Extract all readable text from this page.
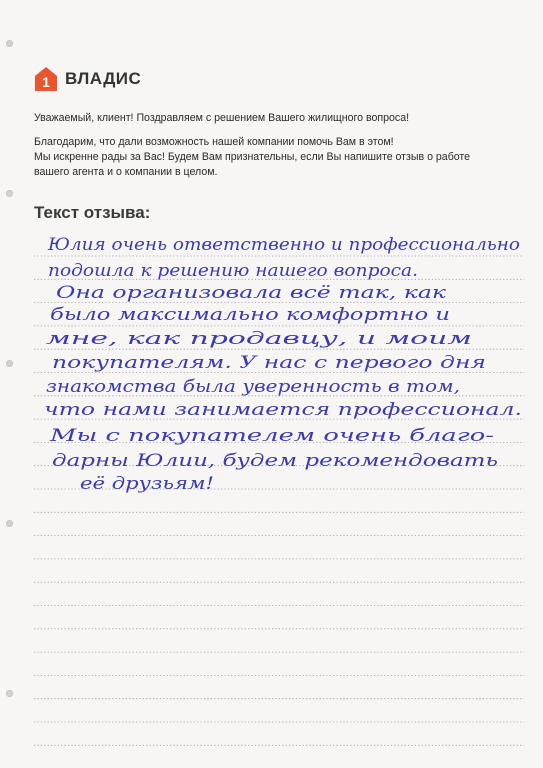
1 ВЛАДИС

Уважаемый, клиент! Поздравляем с решением Вашего жилищного вопроса!

Благодарим, что дали возможность нашей компании помочь Вам в этом!

Мы искренне рады за Вас! Будем Вам признательны, если Вы напишите отзыв о работе

вашего агента и о компании в целом.

Текст отзыва:
Юлия очень ответственно и профессионально
подошла к решению нашего вопроса.
Она организовала всё так, как
было максимально комфортно и
мне, как продавцу, и моим
покупателям. У нас с первого дня
знакомства была уверенность в том,
что нами занимается профессионал.
Мы с покупателем очень благо-
дарны Юлии, будем рекомендовать
её друзьям!
